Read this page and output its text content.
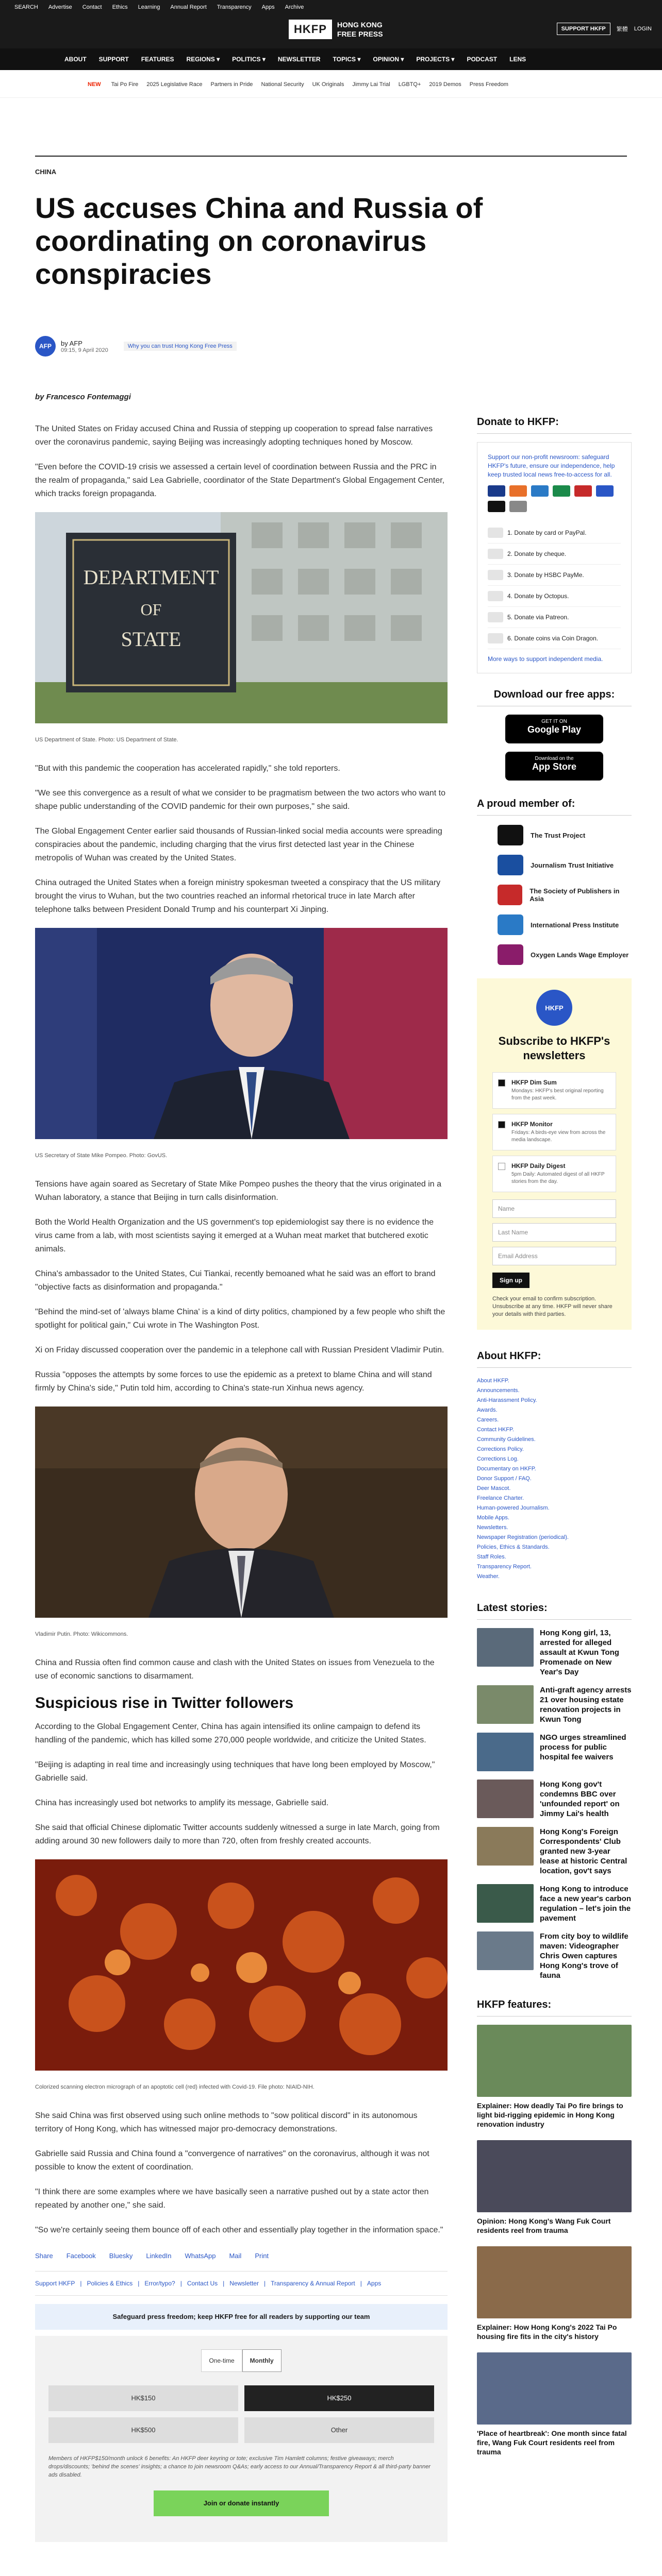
SEARCH Advertise Contact Ethics Learning Annual Report Transparency Apps Archive
HKFP	HONG KONG FREE PRESS
SUPPORT HKFP	繁體 LOGIN
ABOUT SUPPORT FEATURES REGIONS ▾ POLITICS ▾ NEWSLETTER TOPICS ▾ OPINION ▾ PROJECTS ▾ PODCAST LENS
NEW Tai Po Fire 2025 Legislative Race Partners in Pride National Security UK Originals Jimmy Lai Trial LGBTQ+ 2019 Demos Press Freedom
CHINA
US accuses China and Russia of coordinating on coronavirus conspiracies
AFP	by AFP
09:15, 9 April 2020
Why you can trust Hong Kong Free Press
by Francesco Fontemaggi

The United States on Friday accused China and Russia of stepping up cooperation to spread false narratives over the coronavirus pandemic, saying Beijing was increasingly adopting techniques honed by Moscow.

"Even before the COVID-19 crisis we assessed a certain level of coordination between Russia and the PRC in the realm of propaganda," said Lea Gabrielle, coordinator of the State Department's Global Engagement Center, which tracks foreign propaganda.

DEPARTMENT
OF
STATE
US Department of State. Photo: US Department of State.

"But with this pandemic the cooperation has accelerated rapidly," she told reporters.

"We see this convergence as a result of what we consider to be pragmatism between the two actors who want to shape public understanding of the COVID pandemic for their own purposes," she said.

The Global Engagement Center earlier said thousands of Russian-linked social media accounts were spreading conspiracies about the pandemic, including charging that the virus first detected last year in the Chinese metropolis of Wuhan was created by the United States.

China outraged the United States when a foreign ministry spokesman tweeted a conspiracy that the US military brought the virus to Wuhan, but the two countries reached an informal rhetorical truce in late March after telephone talks between President Donald Trump and his counterpart Xi Jinping.

US Secretary of State Mike Pompeo. Photo: GovUS.

Tensions have again soared as Secretary of State Mike Pompeo pushes the theory that the virus originated in a Wuhan laboratory, a stance that Beijing in turn calls disinformation.

Both the World Health Organization and the US government's top epidemiologist say there is no evidence the virus came from a lab, with most scientists saying it emerged at a Wuhan meat market that butchered exotic animals.

China's ambassador to the United States, Cui Tiankai, recently bemoaned what he said was an effort to brand "objective facts as disinformation and propaganda."

"Behind the mind-set of 'always blame China' is a kind of dirty politics, championed by a few people who shift the spotlight for political gain," Cui wrote in The Washington Post.

Xi on Friday discussed cooperation over the pandemic in a telephone call with Russian President Vladimir Putin.

Russia "opposes the attempts by some forces to use the epidemic as a pretext to blame China and will stand firmly by China's side," Putin told him, according to China's state-run Xinhua news agency.

Vladimir Putin. Photo: Wikicommons.

China and Russia often find common cause and clash with the United States on issues from Venezuela to the use of economic sanctions to disarmament.

Suspicious rise in Twitter followers

According to the Global Engagement Center, China has again intensified its online campaign to defend its handling of the pandemic, which has killed some 270,000 people worldwide, and criticize the United States.

"Beijing is adapting in real time and increasingly using techniques that have long been employed by Moscow," Gabrielle said.

China has increasingly used bot networks to amplify its message, Gabrielle said.

She said that official Chinese diplomatic Twitter accounts suddenly witnessed a surge in late March, going from adding around 30 new followers daily to more than 720, often from freshly created accounts.

Colorized scanning electron micrograph of an apoptotic cell (red) infected with Covid-19. File photo: NIAID-NIH.

She said China was first observed using such online methods to "sow political discord" in its autonomous territory of Hong Kong, which has witnessed major pro-democracy demonstrations.

Gabrielle said Russia and China found a "convergence of narratives" on the coronavirus, although it was not possible to know the extent of coordination.

"I think there are some examples where we have basically seen a narrative pushed out by a state actor then repeated by another one," she said.

"So we're certainly seeing them bounce off of each other and essentially play together in the information space."

Share Facebook Bluesky LinkedIn WhatsApp Mail Print
Support HKFP | Policies & Ethics | Error/typo? | Contact Us | Newsletter | Transparency & Annual Report | Apps
Safeguard press freedom; keep HKFP free for all readers by supporting our team
One-time	Monthly
HK$150	HK$250
HK$500	Other
Members of HKFP$150/month unlock 6 benefits: An HKFP deer keyring or tote; exclusive Tim Hamlett columns; festive giveaways; merch drops/discounts; 'behind the scenes' insights; a chance to join newsroom Q&As; early access to our Annual/Transparency Report & all third-party banner ads disabled.
Join or donate instantly
Donate to HKFP:
Support our non-profit newsroom: safeguard HKFP's future, ensure our independence, help keep trusted local news free-to-access for all.
1. Donate by card or PayPal.
2. Donate by cheque.
3. Donate by HSBC PayMe.
4. Donate by Octopus.
5. Donate via Patreon.
6. Donate coins via Coin Dragon.
More ways to support independent media.
Download our free apps:
GET IT ON
Google Play
Download on the
App Store
A proud member of:
The Trust Project
Journalism Trust Initiative
The Society of Publishers in Asia
International Press Institute
Oxygen Lands Wage Employer
HKFP
Subscribe to HKFP's newsletters
HKFP Dim Sum
Mondays: HKFP's best original reporting from the past week.
HKFP Monitor
Fridays: A birds-eye view from across the media landscape.
HKFP Daily Digest
5pm Daily: Automated digest of all HKFP stories from the day.
Name
Last Name
Email Address
Sign up
Check your email to confirm subscription. Unsubscribe at any time. HKFP will never share your details with third parties.
About HKFP:
About HKFP.
Announcements.
Anti-Harassment Policy.
Awards.
Careers.
Contact HKFP.
Community Guidelines.
Corrections Policy.
Corrections Log.
Documentary on HKFP.
Donor Support / FAQ.
Deer Mascot.
Freelance Charter.
Human-powered Journalism.
Mobile Apps.
Newsletters.
Newspaper Registration (periodical).
Policies, Ethics & Standards.
Staff Roles.
Transparency Report.
Weather.
Latest stories:
Hong Kong girl, 13, arrested for alleged assault at Kwun Tong Promenade on New Year's Day
Anti-graft agency arrests 21 over housing estate renovation projects in Kwun Tong
NGO urges streamlined process for public hospital fee waivers
Hong Kong gov't condemns BBC over 'unfounded report' on Jimmy Lai's health
Hong Kong's Foreign Correspondents' Club granted new 3-year lease at historic Central location, gov't says
Hong Kong to introduce face a new year's carbon regulation – let's join the pavement
From city boy to wildlife maven: Videographer Chris Owen captures Hong Kong's trove of fauna
HKFP features:
Explainer: How deadly Tai Po fire brings to light bid-rigging epidemic in Hong Kong renovation industry
Opinion: Hong Kong's Wang Fuk Court residents reel from trauma
Explainer: How Hong Kong's 2022 Tai Po housing fire fits in the city's history
'Place of heartbreak': One month since fatal fire, Wang Fuk Court residents reel from trauma
